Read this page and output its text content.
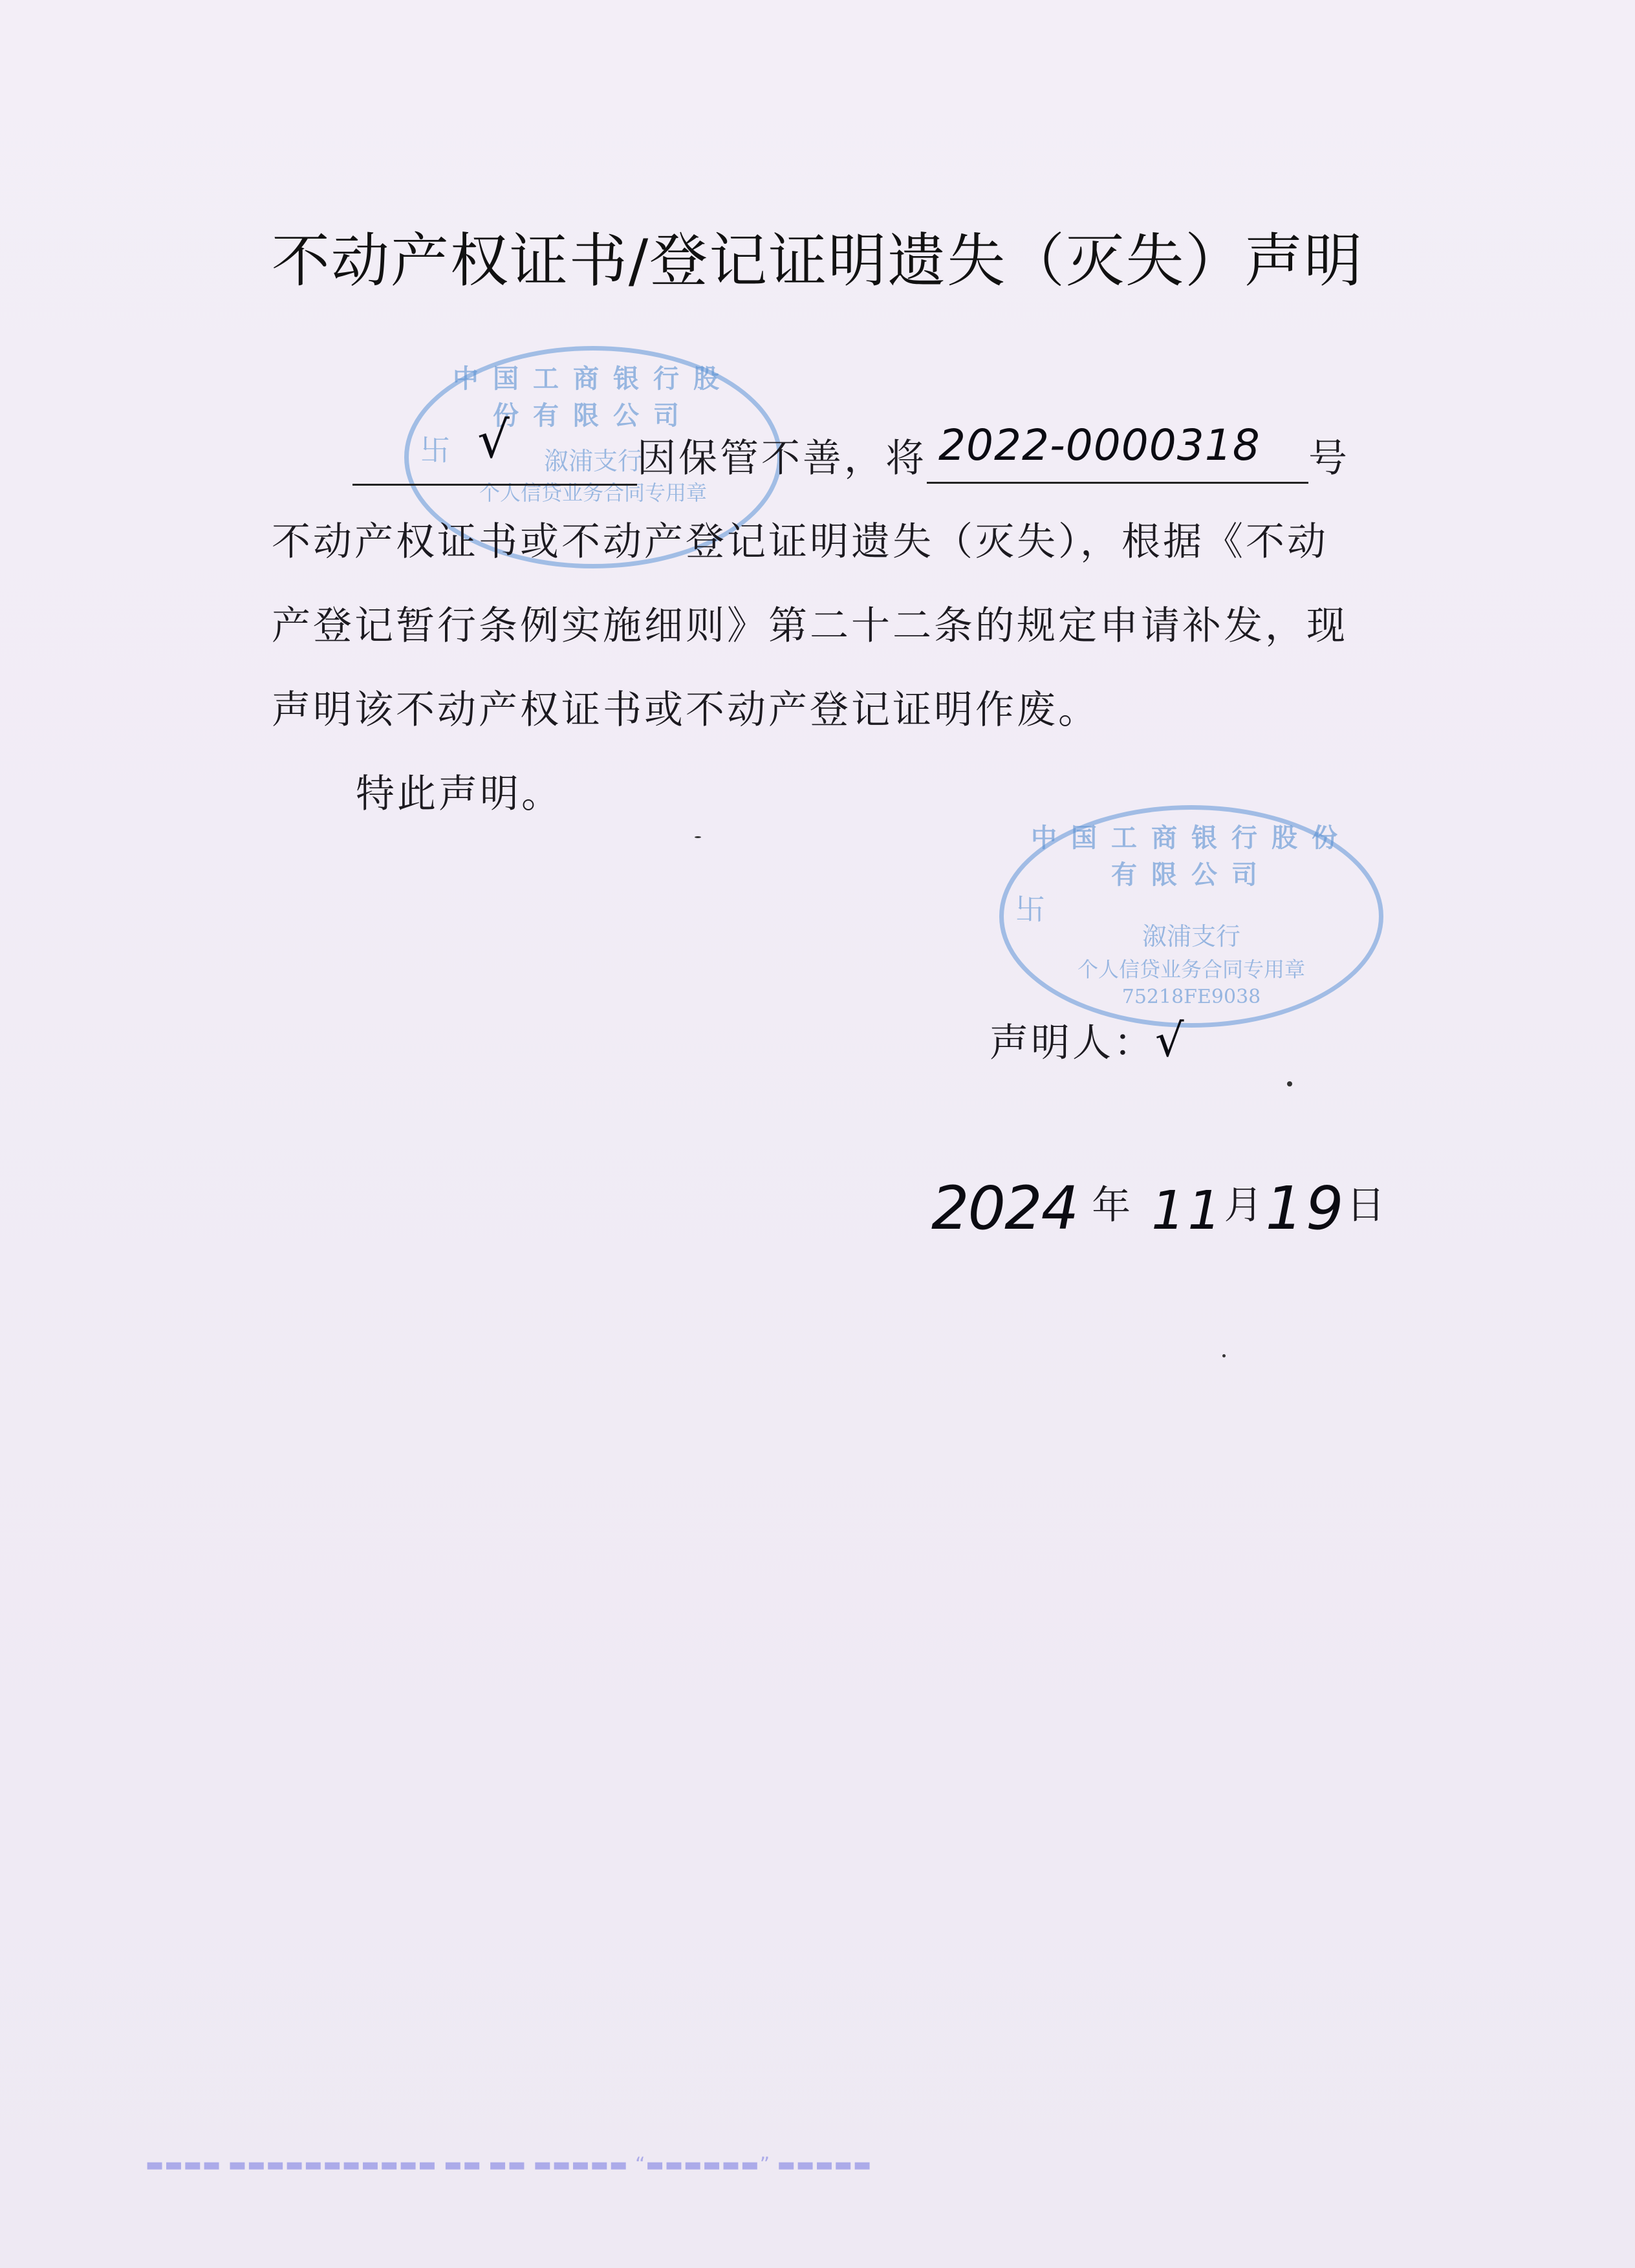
中国工商银行股份有限公司
卐	溆浦支行
个人信贷业务合同专用章
中国工商银行股份有限公司
卐
溆浦支行
个人信贷业务合同专用章
75218FE9038
不动产权证书/登记证明遗失（灭失）声明
√	因保管不善，将 2022-0000318 号
不动产权证书或不动产登记证明遗失（灭失），根据《不动
产登记暂行条例实施细则》第二十二条的规定申请补发，现
声明该不动产权证书或不动产登记证明作废。
特此声明。
声明人：√
2024 年 11月19日
▬▬▬▬ ▬▬▬▬▬▬▬▬▬▬▬ ▬▬ ▬▬ ▬▬▬▬▬ “▬▬▬▬▬▬” ▬▬▬▬▬
